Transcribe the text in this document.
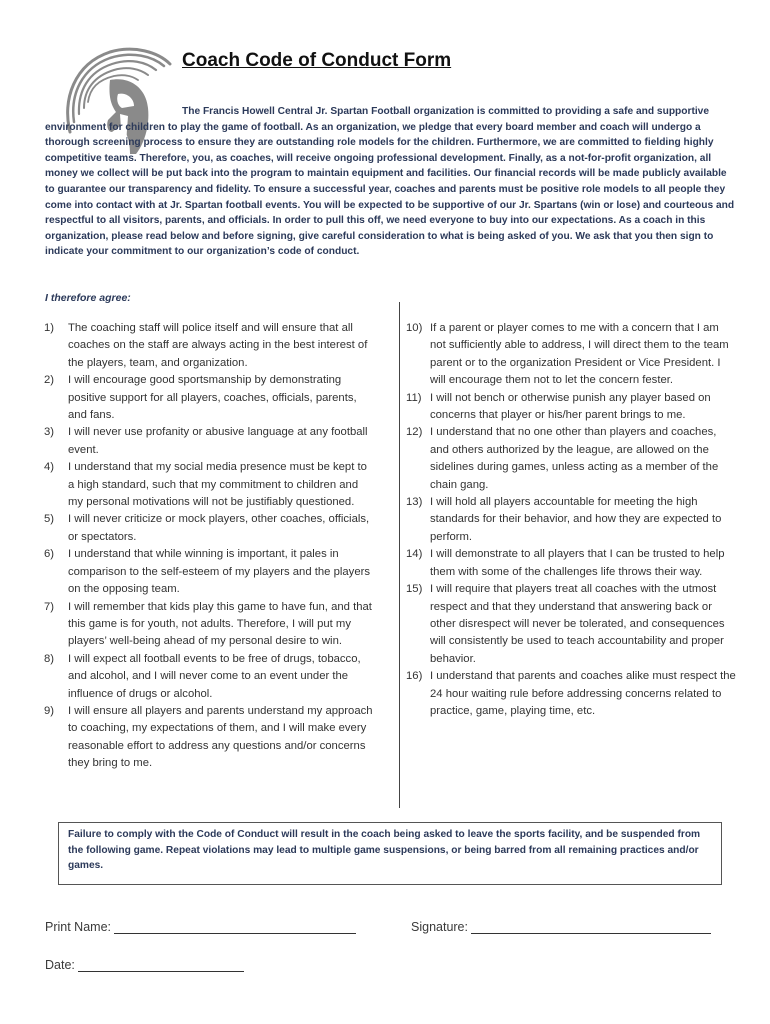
Coach Code of Conduct Form

The Francis Howell Central Jr. Spartan Football organization is committed to providing a safe and supportive environment for children to play the game of football. As an organization, we pledge that every board member and coach will undergo a thorough screening process to ensure they are outstanding role models for the children. Furthermore, we are committed to fielding highly competitive teams. Therefore, you, as coaches, will receive ongoing professional development. Finally, as a not-for-profit organization, all money we collect will be put back into the program to maintain equipment and facilities. Our financial records will be made publicly available to guarantee our transparency and fidelity. To ensure a successful year, coaches and parents must be positive role models to all people they come into contact with at Jr. Spartan football events. You will be expected to be supportive of our Jr. Spartans (win or lose) and courteous and respectful to all visitors, parents, and officials. In order to pull this off, we need everyone to buy into our expectations. As a coach in this organization, please read below and before signing, give careful consideration to what is being asked of you. We ask that you then sign to indicate your commitment to our organization’s code of conduct.

I therefore agree:

1) The coaching staff will police itself and will ensure that all coaches on the staff are always acting in the best interest of the players, team, and organization.
2) I will encourage good sportsmanship by demonstrating positive support for all players, coaches, officials, parents, and fans.
3) I will never use profanity or abusive language at any football event.
4) I understand that my social media presence must be kept to a high standard, such that my commitment to children and my personal motivations will not be justifiably questioned.
5) I will never criticize or mock players, other coaches, officials, or spectators.
6) I understand that while winning is important, it pales in comparison to the self-esteem of my players and the players on the opposing team.
7) I will remember that kids play this game to have fun, and that this game is for youth, not adults. Therefore, I will put my players’ well-being ahead of my personal desire to win.
8) I will expect all football events to be free of drugs, tobacco, and alcohol, and I will never come to an event under the influence of drugs or alcohol.
9) I will ensure all players and parents understand my approach to coaching, my expectations of them, and I will make every reasonable effort to address any questions and/or concerns they bring to me.
10) If a parent or player comes to me with a concern that I am not sufficiently able to address, I will direct them to the team parent or to the organization President or Vice President. I will encourage them not to let the concern fester.
11) I will not bench or otherwise punish any player based on concerns that player or his/her parent brings to me.
12) I understand that no one other than players and coaches, and others authorized by the league, are allowed on the sidelines during games, unless acting as a member of the chain gang.
13) I will hold all players accountable for meeting the high standards for their behavior, and how they are expected to perform.
14) I will demonstrate to all players that I can be trusted to help them with some of the challenges life throws their way.
15) I will require that players treat all coaches with the utmost respect and that they understand that answering back or other disrespect will never be tolerated, and consequences will consistently be used to teach accountability and proper behavior.
16) I understand that parents and coaches alike must respect the 24 hour waiting rule before addressing concerns related to practice, game, playing time, etc.

Failure to comply with the Code of Conduct will result in the coach being asked to leave the sports facility, and be suspended from the following game. Repeat violations may lead to multiple game suspensions, or being barred from all remaining practices and/or games.

Print Name:	Signature:
Date:
